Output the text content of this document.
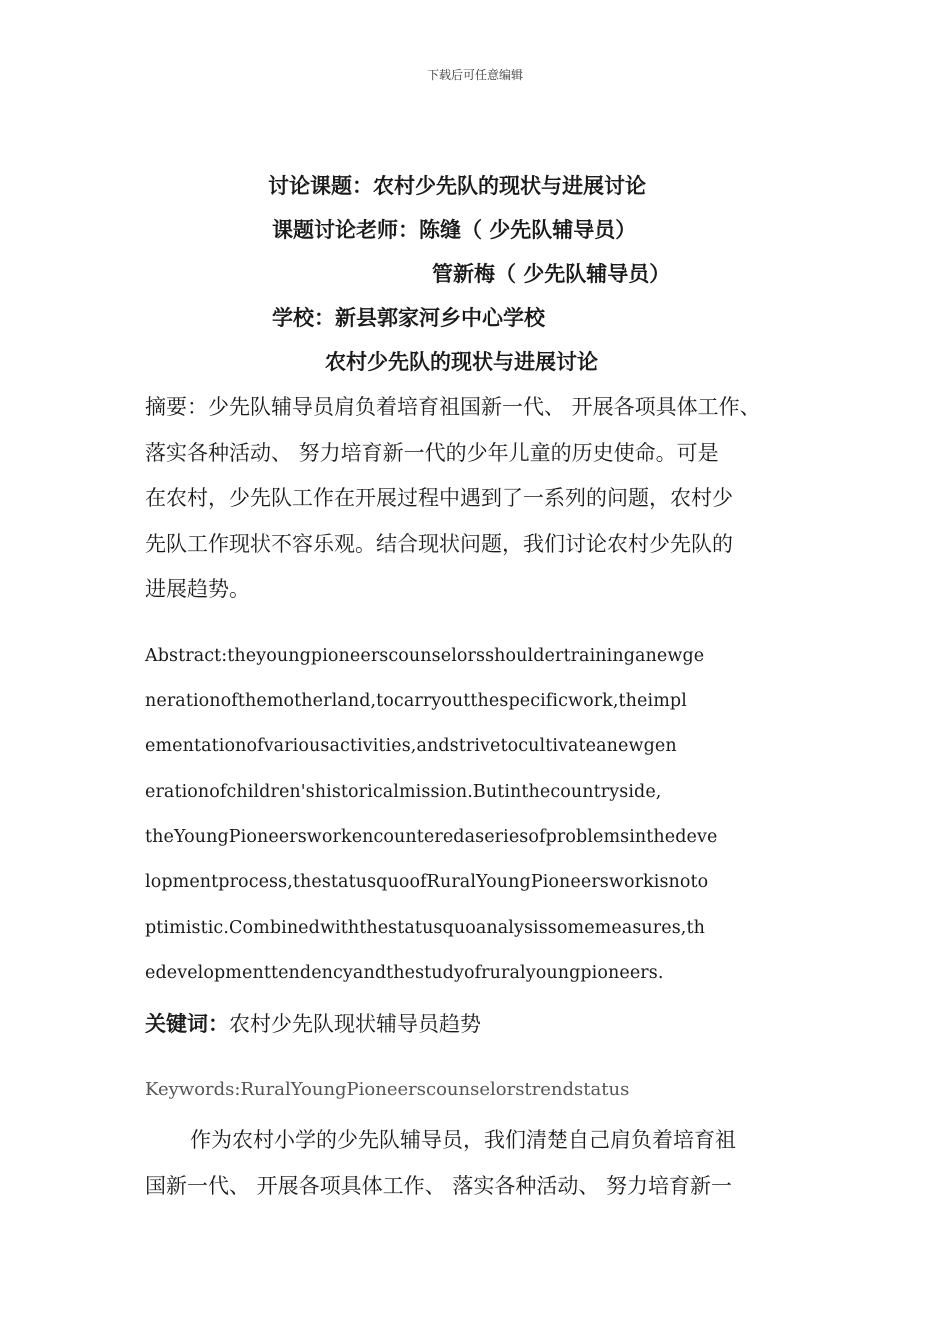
下载后可任意编辑
讨论课题：农村少先队的现状与进展讨论
课题讨论老师：陈缝（ 少先队辅导员）
管新梅（ 少先队辅导员）
学校：新县郭家河乡中心学校
农村少先队的现状与进展讨论
摘要：少先队辅导员肩负着培育祖国新一代、 开展各项具体工作、
落实各种活动、 努力培育新一代的少年儿童的历史使命。可是
在农村，少先队工作在开展过程中遇到了一系列的问题，农村少
先队工作现状不容乐观。结合现状问题，我们讨论农村少先队的
进展趋势。
Abstract:theyoungpioneerscounselorsshouldertraininganewge
nerationofthemotherland,tocarryoutthespecificwork,theimpl
ementationofvariousactivities,andstrivetocultivateanewgen
erationofchildren'shistoricalmission.Butinthecountryside,
theYoungPioneersworkencounteredaseriesofproblemsinthedeve
lopmentprocess,thestatusquoofRuralYoungPioneersworkisnoto
ptimistic.Combinedwiththestatusquoanalysissomemeasures,th
edevelopmenttendencyandthestudyofruralyoungpioneers.
关键词：农村少先队现状辅导员趋势
Keywords:RuralYoungPioneerscounselorstrendstatus
作为农村小学的少先队辅导员，我们清楚自己肩负着培育祖
国新一代、 开展各项具体工作、 落实各种活动、 努力培育新一
